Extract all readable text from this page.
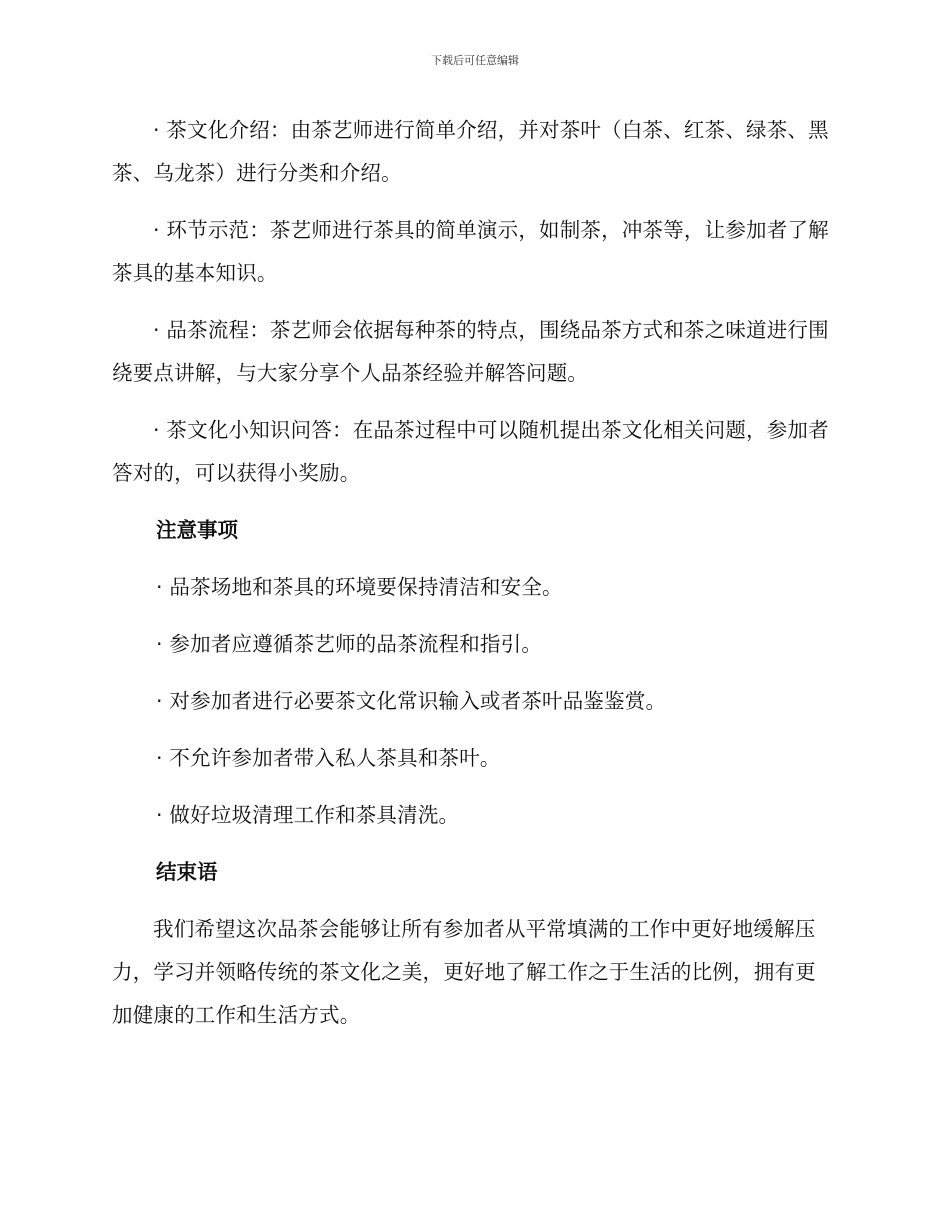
下载后可任意编辑

· 茶文化介绍：由茶艺师进行简单介绍，并对茶叶（白茶、红茶、绿茶、黑茶、乌龙茶）进行分类和介绍。

· 环节示范：茶艺师进行茶具的简单演示，如制茶，冲茶等，让参加者了解茶具的基本知识。

· 品茶流程：茶艺师会依据每种茶的特点，围绕品茶方式和茶之味道进行围绕要点讲解，与大家分享个人品茶经验并解答问题。

· 茶文化小知识问答：在品茶过程中可以随机提出茶文化相关问题，参加者答对的，可以获得小奖励。

注意事项

· 品茶场地和茶具的环境要保持清洁和安全。

· 参加者应遵循茶艺师的品茶流程和指引。

· 对参加者进行必要茶文化常识输入或者茶叶品鉴鉴赏。

· 不允许参加者带入私人茶具和茶叶。

· 做好垃圾清理工作和茶具清洗。

结束语

我们希望这次品茶会能够让所有参加者从平常填满的工作中更好地缓解压力，学习并领略传统的茶文化之美，更好地了解工作之于生活的比例，拥有更加健康的工作和生活方式。
